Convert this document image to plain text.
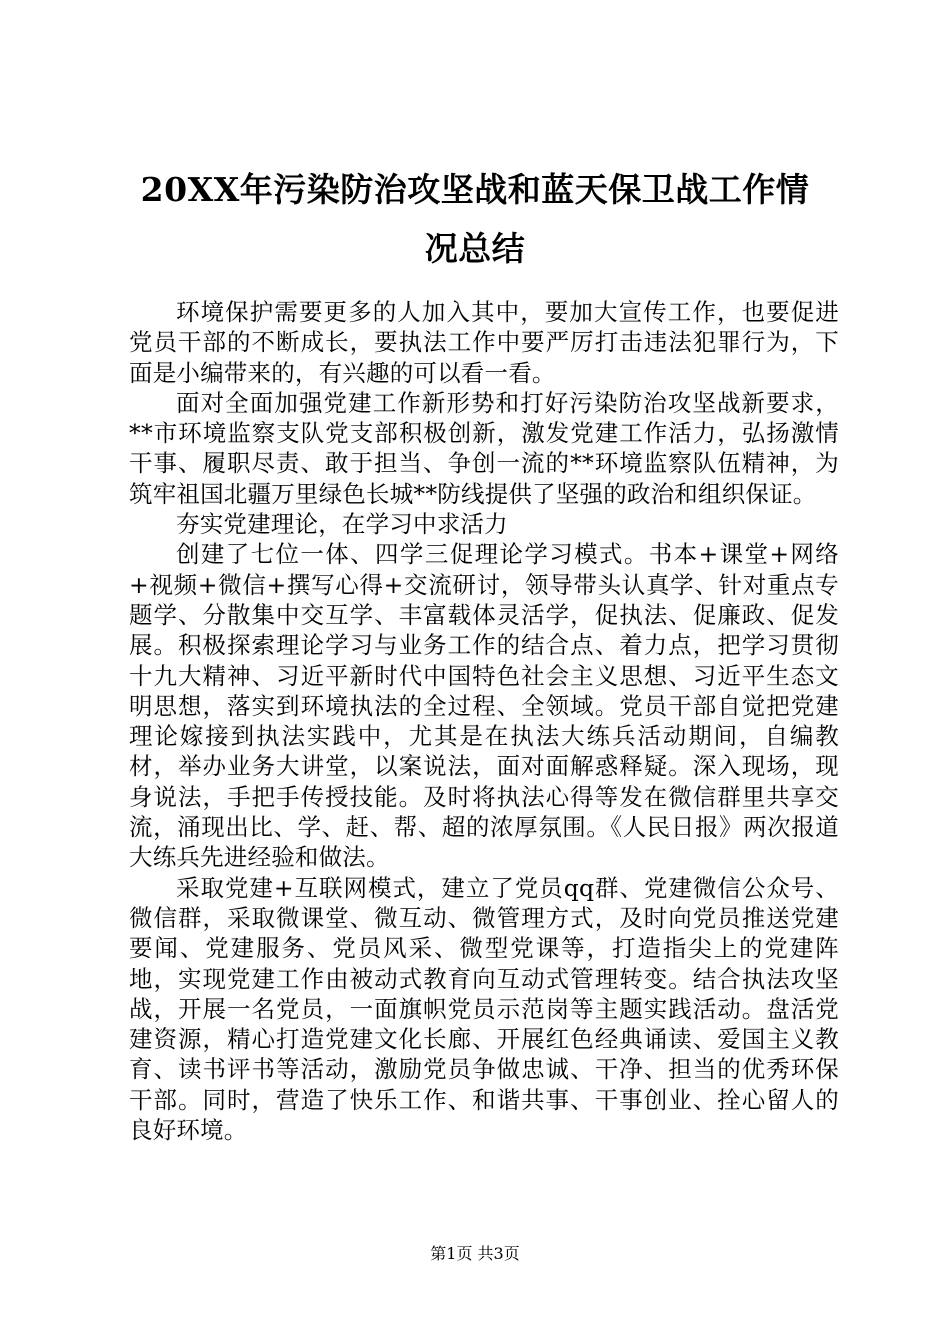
20XX年污染防治攻坚战和蓝天保卫战工作情
况总结

环境保护需要更多的人加入其中，要加大宣传工作，也要促进党员干部的不断成长，要执法工作中要严厉打击违法犯罪行为，下面是小编带来的，有兴趣的可以看一看。

面对全面加强党建工作新形势和打好污染防治攻坚战新要求，**市环境监察支队党支部积极创新，激发党建工作活力，弘扬激情干事、履职尽责、敢于担当、争创一流的**环境监察队伍精神，为筑牢祖国北疆万里绿色长城**防线提供了坚强的政治和组织保证。

夯实党建理论，在学习中求活力

创建了七位一体、四学三促理论学习模式。书本+课堂+网络+视频+微信+撰写心得+交流研讨，领导带头认真学、针对重点专题学、分散集中交互学、丰富载体灵活学，促执法、促廉政、促发展。积极探索理论学习与业务工作的结合点、着力点，把学习贯彻十九大精神、习近平新时代中国特色社会主义思想、习近平生态文明思想，落实到环境执法的全过程、全领域。党员干部自觉把党建理论嫁接到执法实践中，尤其是在执法大练兵活动期间，自编教材，举办业务大讲堂，以案说法，面对面解惑释疑。深入现场，现身说法，手把手传授技能。及时将执法心得等发在微信群里共享交流，涌现出比、学、赶、帮、超的浓厚氛围。《人民日报》两次报道大练兵先进经验和做法。

采取党建+互联网模式，建立了党员qq群、党建微信公众号、微信群，采取微课堂、微互动、微管理方式，及时向党员推送党建要闻、党建服务、党员风采、微型党课等，打造指尖上的党建阵地，实现党建工作由被动式教育向互动式管理转变。结合执法攻坚战，开展一名党员，一面旗帜党员示范岗等主题实践活动。盘活党建资源，精心打造党建文化长廊、开展红色经典诵读、爱国主义教育、读书评书等活动，激励党员争做忠诚、干净、担当的优秀环保干部。同时，营造了快乐工作、和谐共事、干事创业、拴心留人的良好环境。

第1页 共3页
